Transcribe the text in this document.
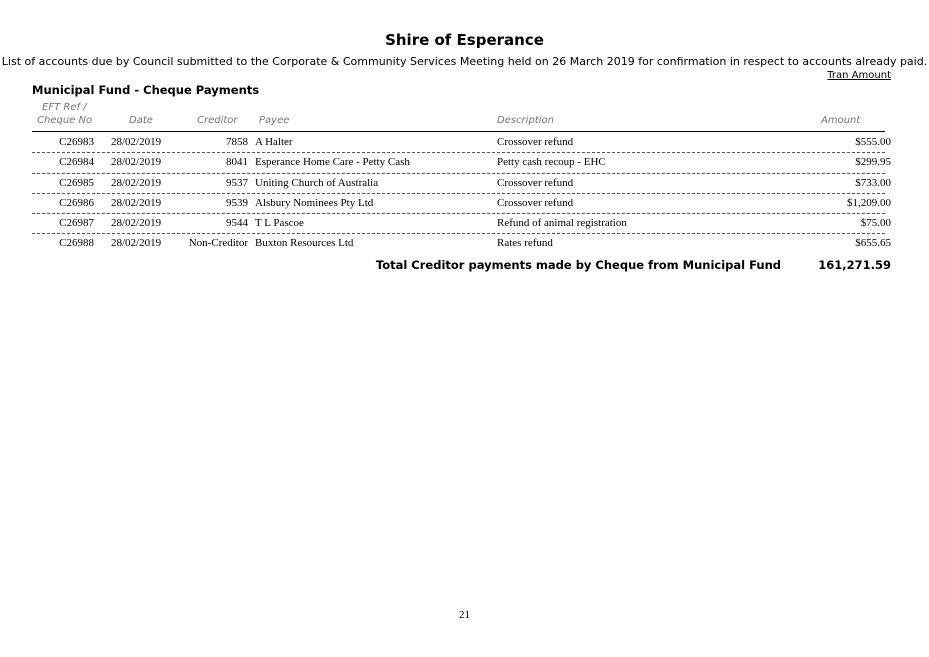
Shire of Esperance
List of accounts due by Council submitted to the Corporate & Community Services Meeting held on 26 March 2019 for confirmation in respect to accounts already paid.
Tran Amount
Municipal Fund - Cheque Payments
EFT Ref /
Cheque No	Date	Creditor Payee	Description	Amount
C26983 28/02/2019	7858 A Halter	Crossover refund	$555.00
C26984 28/02/2019	8041 Esperance Home Care - Petty Cash	Petty cash recoup - EHC	$299.95
C26985 28/02/2019	9537 Uniting Church of Australia	Crossover refund	$733.00
C26986 28/02/2019	9539 Alsbury Nominees Pty Ltd	Crossover refund	$1,209.00
C26987 28/02/2019	9544 T L Pascoe	Refund of animal registration	$75.00
C26988 28/02/2019	Non-Creditor Buxton Resources Ltd	Rates refund	$655.65
Total Creditor payments made by Cheque from Municipal Fund	161,271.59
21
